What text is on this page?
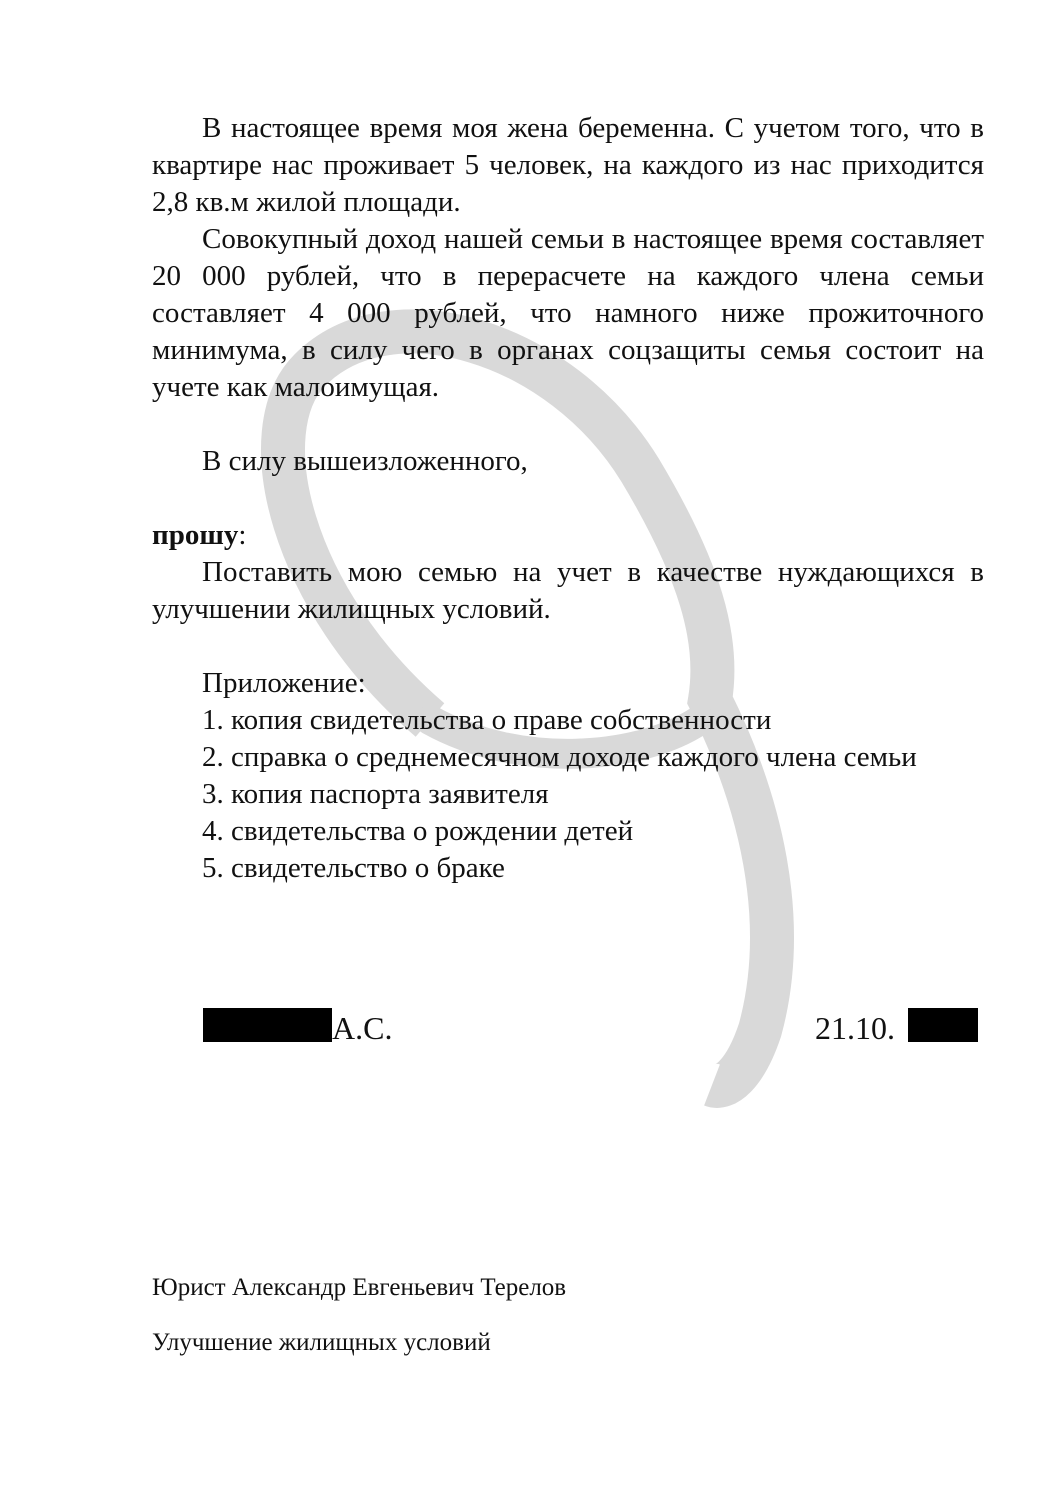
В настоящее время моя жена беременна. С учетом того, что в квартире нас проживает 5 человек, на каждого из нас приходится 2,8 кв.м жилой площади.

Совокупный доход нашей семьи в настоящее время составляет 20 000 рублей, что в перерасчете на каждого члена семьи составляет 4 000 рублей, что намного ниже прожиточного минимума, в силу чего в органах соцзащиты семья состоит на учете как малоимущая.

В силу вышеизложенного,

прошу:

Поставить мою семью на учет в качестве нуждающихся в улучшении жилищных условий.

Приложение:

1. копия свидетельства о праве собственности

2. справка о среднемесячном доходе каждого члена семьи

3. копия паспорта заявителя

4. свидетельства о рождении детей

5. свидетельство о браке

А.С.	21.10.
Юрист Александр Евгеньевич Терелов
Улучшение жилищных условий
